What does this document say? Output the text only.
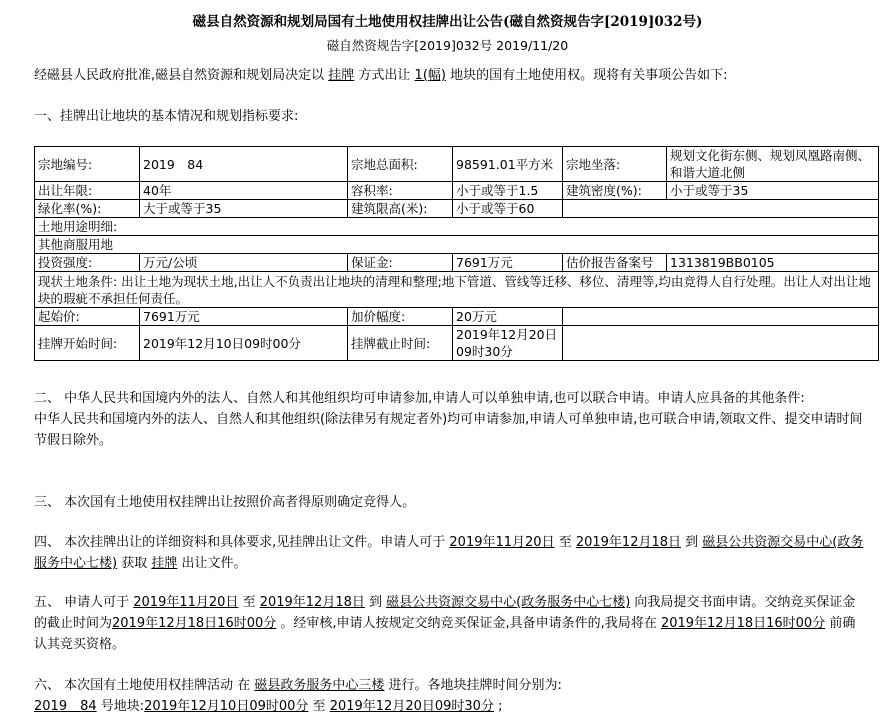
磁县自然资源和规划局国有土地使用权挂牌出让公告(磁自然资规告字[2019]032号)
磁自然资规告字[2019]032号 2019/11/20
经磁县人民政府批准,磁县自然资源和规划局决定以 挂牌 方式出让 1(幅) 地块的国有土地使用权。现将有关事项公告如下:
一、挂牌出让地块的基本情况和规划指标要求:
宗地编号:	2019　84	宗地总面积:	98591.01平方米	宗地坐落:	规划文化街东侧、规划凤凰路南侧、和谐大道北侧
出让年限:	40年	容积率:	小于或等于1.5	建筑密度(%):	小于或等于35
绿化率(%):	大于或等于35	建筑限高(米):	小于或等于60		
土地用途明细:					
其他商服用地					
投资强度:	万元/公顷	保证金:	7691万元	估价报告备案号	1313819BB0105
现状土地条件: 出让土地为现状土地,出让人不负责出让地块的清理和整理;地下管道、管线等迁移、移位、清理等,均由竞得人自行处理。出让人对出让地块的瑕疵不承担任何责任。					
起始价:	7691万元	加价幅度:	20万元		
挂牌开始时间:	2019年12月10日09时00分	挂牌截止时间:	2019年12月20日09时30分		
二、 中华人民共和国境内外的法人、自然人和其他组织均可申请参加,申请人可以单独申请,也可以联合申请。申请人应具备的其他条件:
中华人民共和国境内外的法人、自然人和其他组织(除法律另有规定者外)均可申请参加,申请人可单独申请,也可联合申请,领取文件、提交申请时间节假日除外。
三、 本次国有土地使用权挂牌出让按照价高者得原则确定竞得人。
四、 本次挂牌出让的详细资料和具体要求,见挂牌出让文件。申请人可于 2019年11月20日 至 2019年12月18日 到 磁县公共资源交易中心(政务服务中心七楼) 获取 挂牌 出让文件。
五、 申请人可于 2019年11月20日 至 2019年12月18日 到 磁县公共资源交易中心(政务服务中心七楼) 向我局提交书面申请。交纳竞买保证金的截止时间为2019年12月18日16时00分 。经审核,申请人按规定交纳竞买保证金,具备申请条件的,我局将在 2019年12月18日16时00分 前确认其竞买资格。
六、 本次国有土地使用权挂牌活动 在 磁县政务服务中心三楼 进行。各地块挂牌时间分别为:
2019　84 号地块:2019年12月10日09时00分 至 2019年12月20日09时30分 ;
